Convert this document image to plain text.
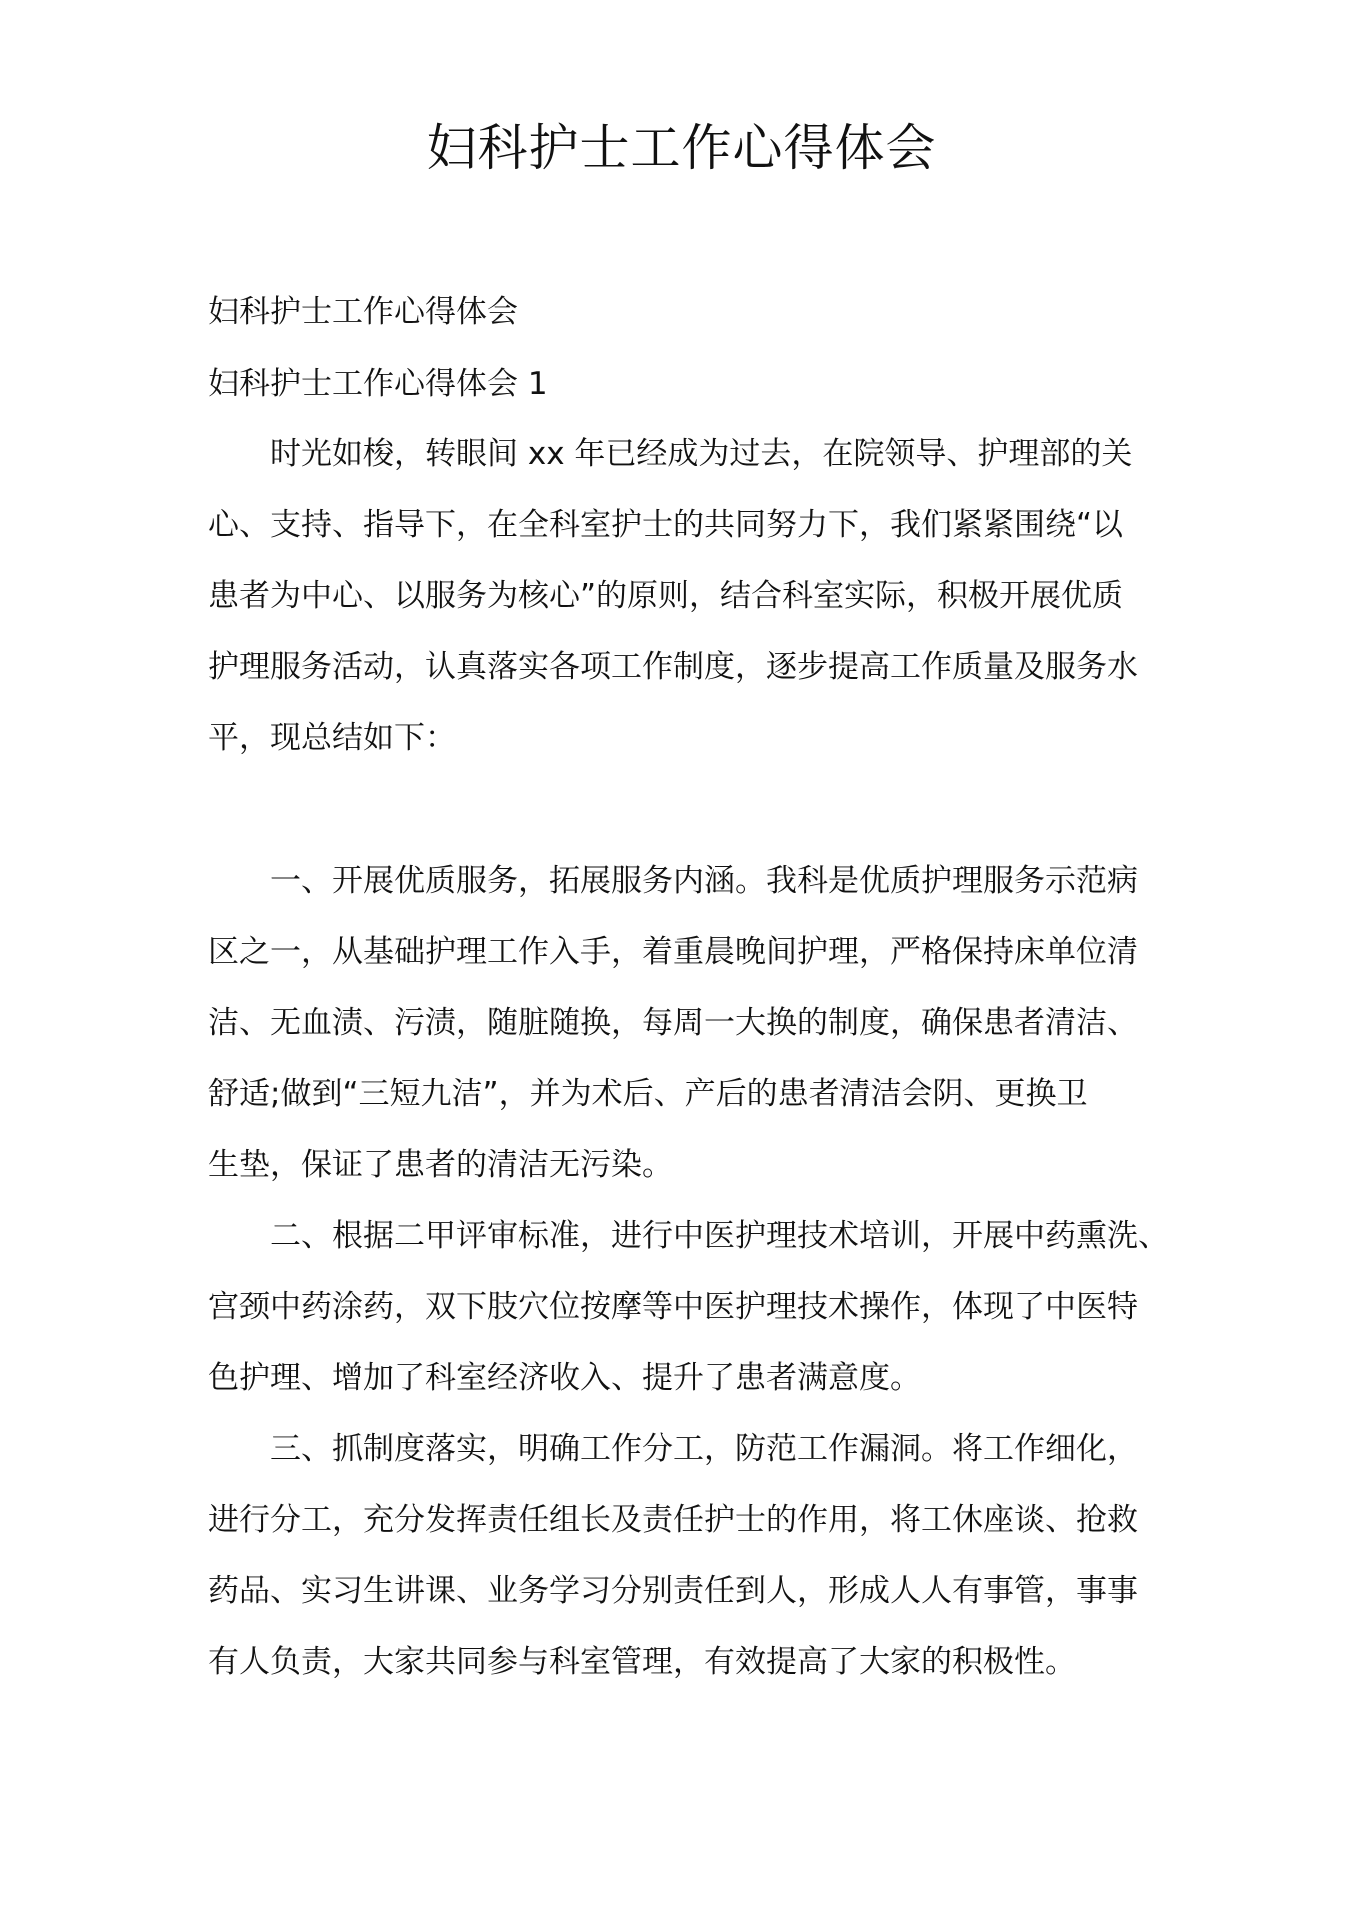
妇科护士工作心得体会
妇科护士工作心得体会
妇科护士工作心得体会 1
时光如梭，转眼间 xx 年已经成为过去，在院领导、护理部的关
心、支持、指导下，在全科室护士的共同努力下，我们紧紧围绕“以
患者为中心、以服务为核心”的原则，结合科室实际，积极开展优质
护理服务活动，认真落实各项工作制度，逐步提高工作质量及服务水
平，现总结如下：
一、开展优质服务，拓展服务内涵。我科是优质护理服务示范病
区之一，从基础护理工作入手，着重晨晚间护理，严格保持床单位清
洁、无血渍、污渍，随脏随换，每周一大换的制度，确保患者清洁、
舒适;做到“三短九洁”，并为术后、产后的患者清洁会阴、更换卫
生垫，保证了患者的清洁无污染。
二、根据二甲评审标准，进行中医护理技术培训，开展中药熏洗、
宫颈中药涂药，双下肢穴位按摩等中医护理技术操作，体现了中医特
色护理、增加了科室经济收入、提升了患者满意度。
三、抓制度落实，明确工作分工，防范工作漏洞。将工作细化，
进行分工，充分发挥责任组长及责任护士的作用，将工休座谈、抢救
药品、实习生讲课、业务学习分别责任到人，形成人人有事管，事事
有人负责，大家共同参与科室管理，有效提高了大家的积极性。
